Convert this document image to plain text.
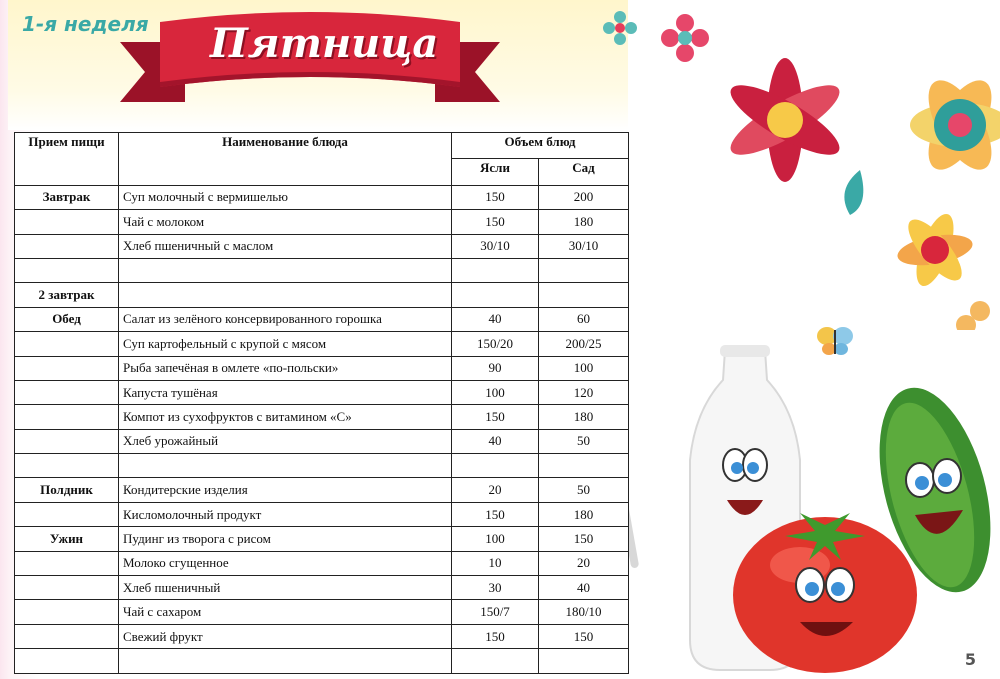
1-я неделя Пятница
Прием пищи	Наименование блюда	Объем блюд	
		Ясли	Сад
Завтрак	Суп молочный с вермишелью	150	200
	Чай с молоком	150	180
	Хлеб пшеничный с маслом	30/10	30/10

2 завтрак			
Обед	Салат из зелёного консервированного горошка	40	60
	Суп картофельный с крупой с мясом	150/20	200/25
	Рыба запечёная в омлете «по-польски»	90	100
	Капуста тушёная	100	120
	Компот из сухофруктов с витамином «С»	150	180
	Хлеб урожайный	40	50

Полдник	Кондитерские изделия	20	50
	Кисломолочный продукт	150	180
Ужин	Пудинг из творога с рисом	100	150
	Молоко сгущенное	10	20
	Хлеб пшеничный	30	40
	Чай с сахаром	150/7	180/10
	Свежий фрукт	150	150

5
